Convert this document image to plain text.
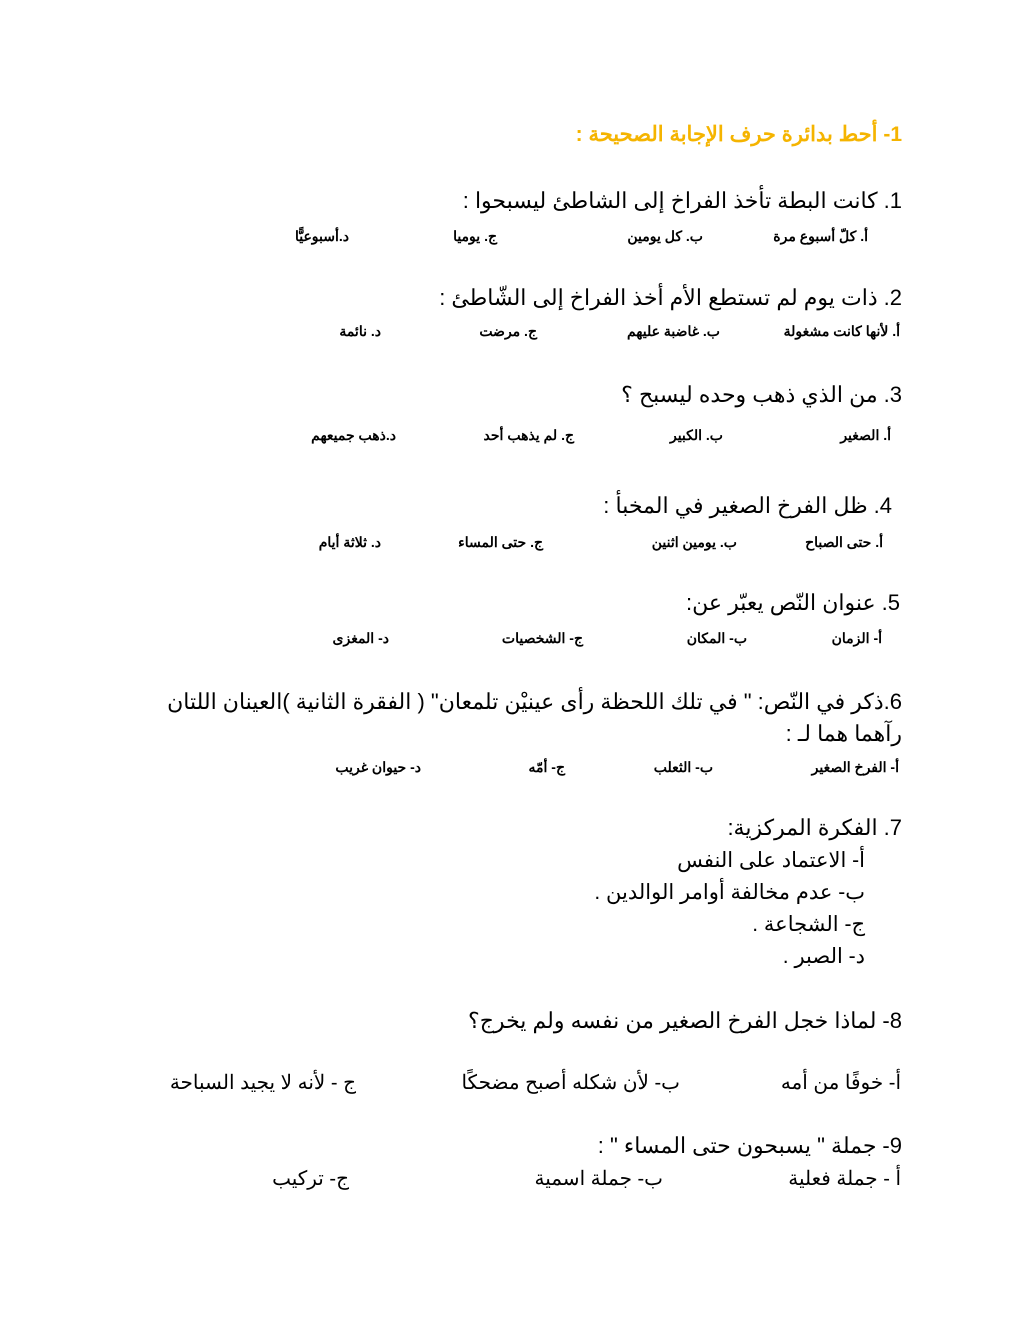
1- أحط بدائرة حرف الإجابة الصحيحة :
1.كانت البطة تأخذ الفراخ إلى الشاطئ ليسبحوا :
أ. كلّ أسبوع مرة
ب. كل يومين
ج. يوميا
د.أسبوعيًّا
2.ذات يوم لم تستطع الأم أخذ الفراخ إلى الشّاطئ :
أ. لأنها كانت مشغولة
ب. غاضبة عليهم
ج. مرضت
د. نائمة
3.من الذي ذهب وحده ليسبح ؟
أ. الصغير
ب. الكبير
ج. لم يذهب أحد
د.ذهب جميعهم
4.ظل الفرخ الصغير في المخبأ :
أ. حتى الصباح
ب. يومين اثنين
ج. حتى المساء
د. ثلاثة أيام
5.عنوان النّص يعبّر عن:
أ- الزمان
ب- المكان
ج- الشخصيات
د- المغزى
6.ذكر في النّص: " في تلك اللحظة رأى عينيْن تلمعان" ( الفقرة الثانية )العينان اللتان رآهما هما لـ :
أ- الفرخ الصغير
ب- الثعلب
ج- أمّه
د- حيوان غريب
7.الفكرة المركزية:
أ- الاعتماد على النفس
ب- عدم مخالفة أوامر الوالدين .
ج- الشجاعة .
د- الصبر .
8-لماذا خجل الفرخ الصغير من نفسه ولم يخرج؟
أ- خوفًا من أمه
ب- لأن شكله أصبح مضحكًا
ج - لأنه لا يجيد السباحة
9-جملة " يسبحون حتى المساء " :
أ - جملة فعلية
ب- جملة اسمية
ج- تركيب
